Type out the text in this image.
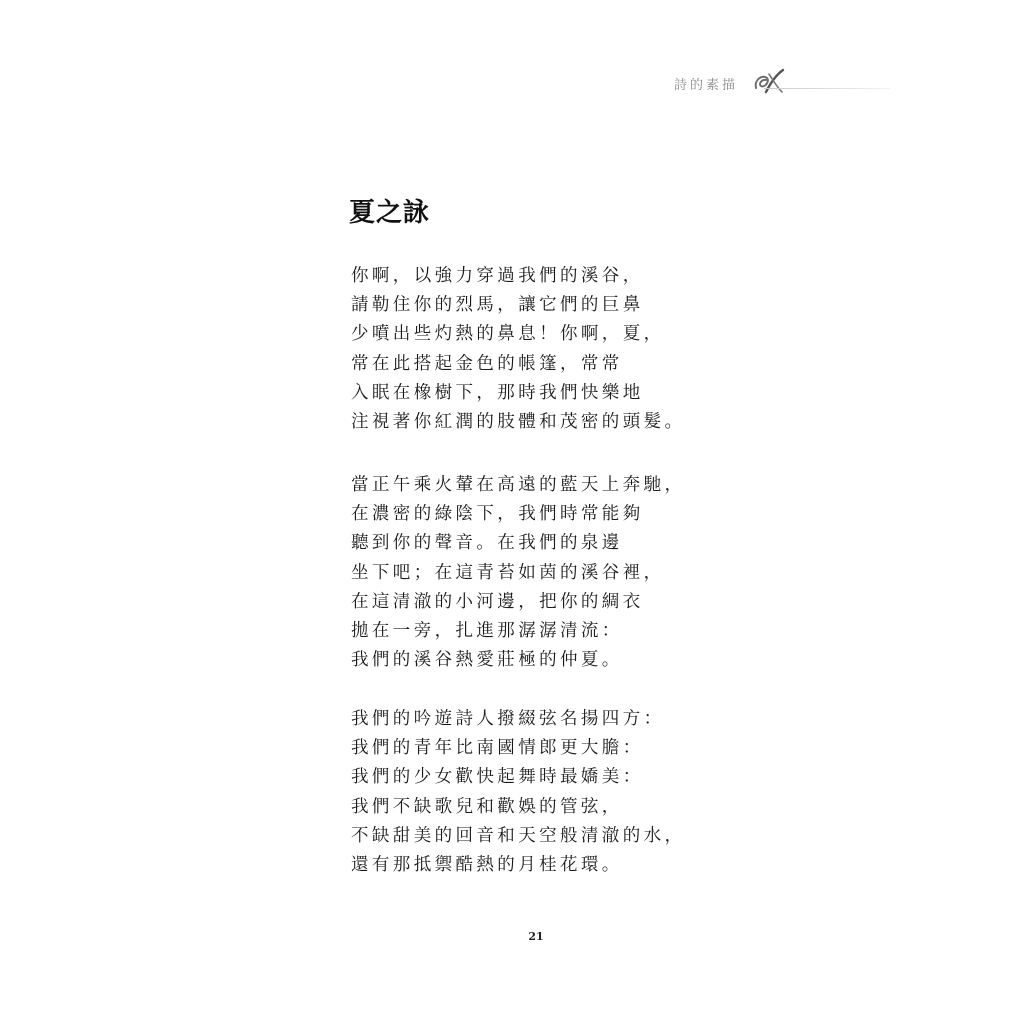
詩的素描
夏之詠
你啊，以強力穿過我們的溪谷，
請勒住你的烈馬，讓它們的巨鼻
少噴出些灼熱的鼻息！你啊，夏，
常在此搭起金色的帳篷，常常
入眠在橡樹下，那時我們快樂地
注視著你紅潤的肢體和茂密的頭髮。
當正午乘火輦在高遠的藍天上奔馳，
在濃密的綠陰下，我們時常能夠
聽到你的聲音。在我們的泉邊
坐下吧；在這青苔如茵的溪谷裡，
在這清澈的小河邊，把你的綢衣
拋在一旁，扎進那潺潺清流：
我們的溪谷熱愛莊極的仲夏。
我們的吟遊詩人撥綴弦名揚四方：
我們的青年比南國情郎更大膽：
我們的少女歡快起舞時最嬌美：
我們不缺歌兒和歡娛的管弦，
不缺甜美的回音和天空般清澈的水，
還有那抵禦酷熱的月桂花環。
21
